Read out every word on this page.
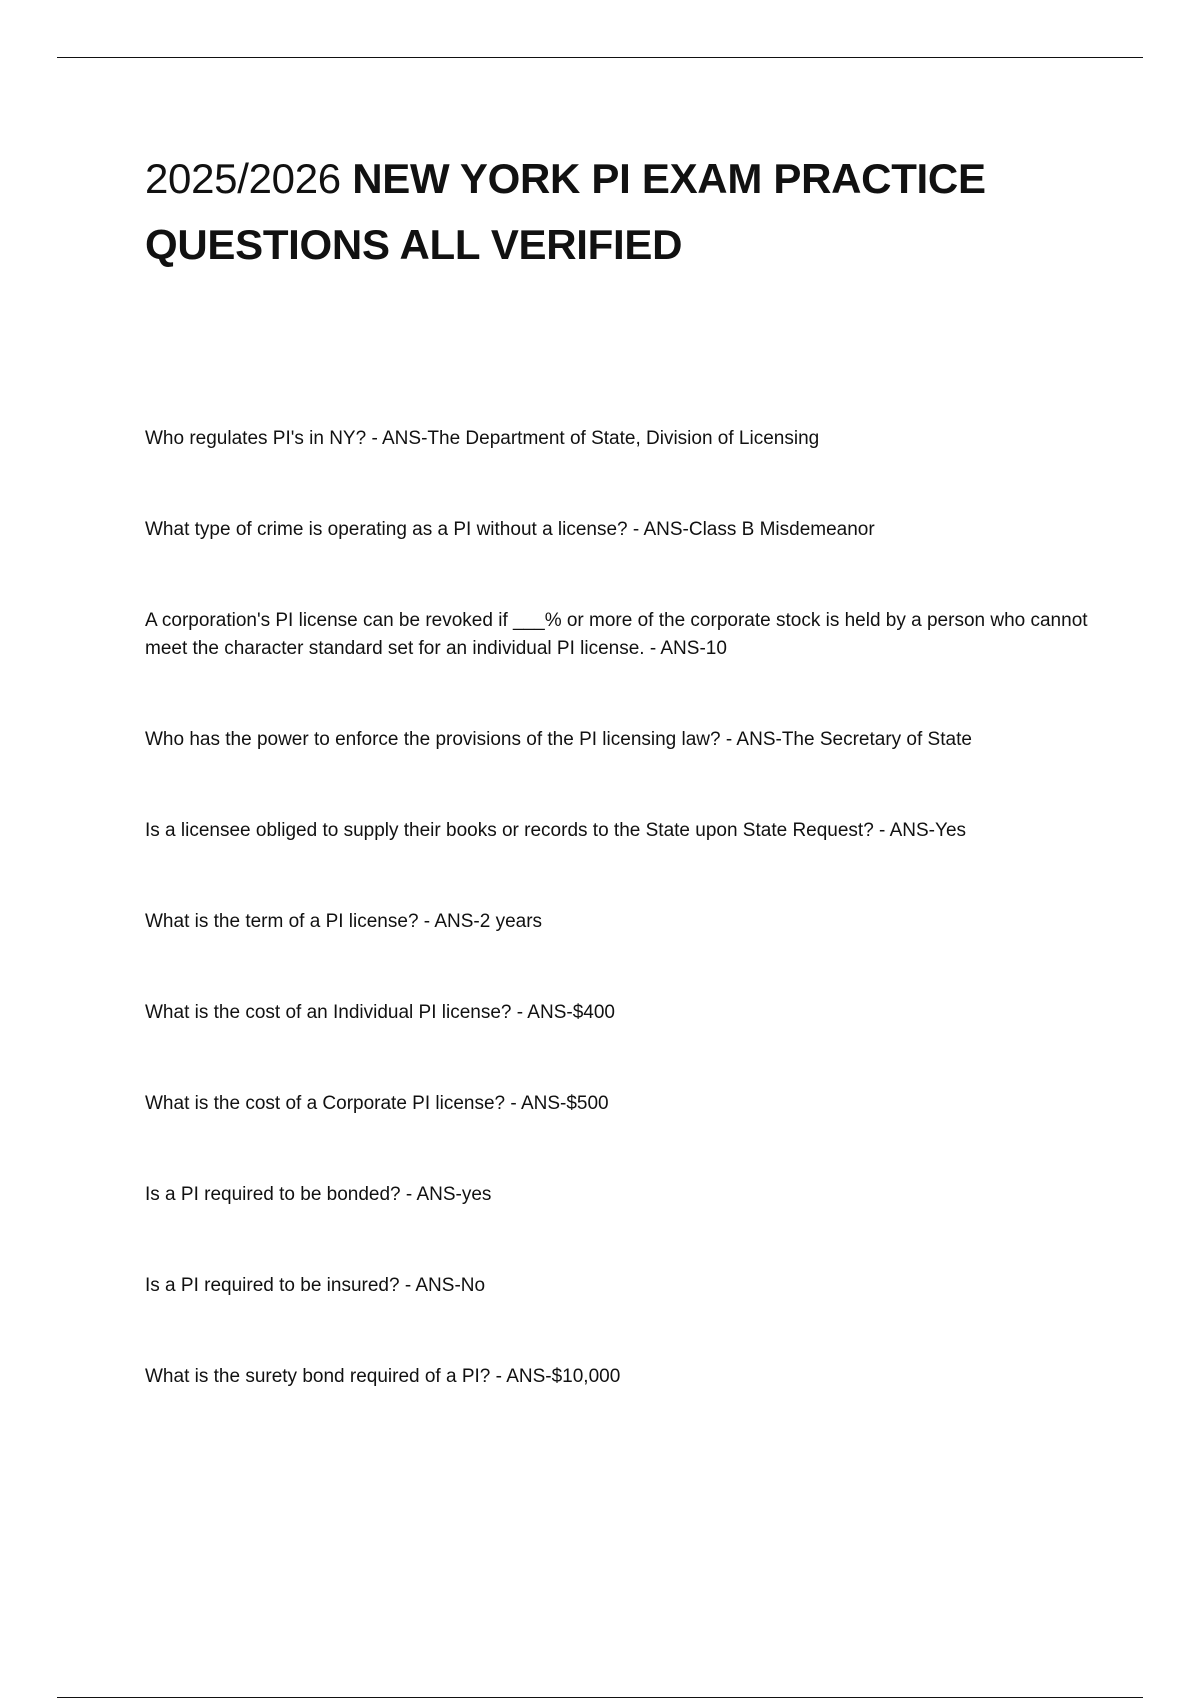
2025/2026 NEW YORK PI EXAM PRACTICE QUESTIONS ALL VERIFIED
Who regulates PI's in NY? - ANS-The Department of State, Division of Licensing
What type of crime is operating as a PI without a license? - ANS-Class B Misdemeanor
A corporation's PI license can be revoked if ___% or more of the corporate stock is held by a person who cannot meet the character standard set for an individual PI license. - ANS-10
Who has the power to enforce the provisions of the PI licensing law? - ANS-The Secretary of State
Is a licensee obliged to supply their books or records to the State upon State Request? - ANS-Yes
What is the term of a PI license? - ANS-2 years
What is the cost of an Individual PI license? - ANS-$400
What is the cost of a Corporate PI license? - ANS-$500
Is a PI required to be bonded? - ANS-yes
Is a PI required to be insured? - ANS-No
What is the surety bond required of a PI? - ANS-$10,000
